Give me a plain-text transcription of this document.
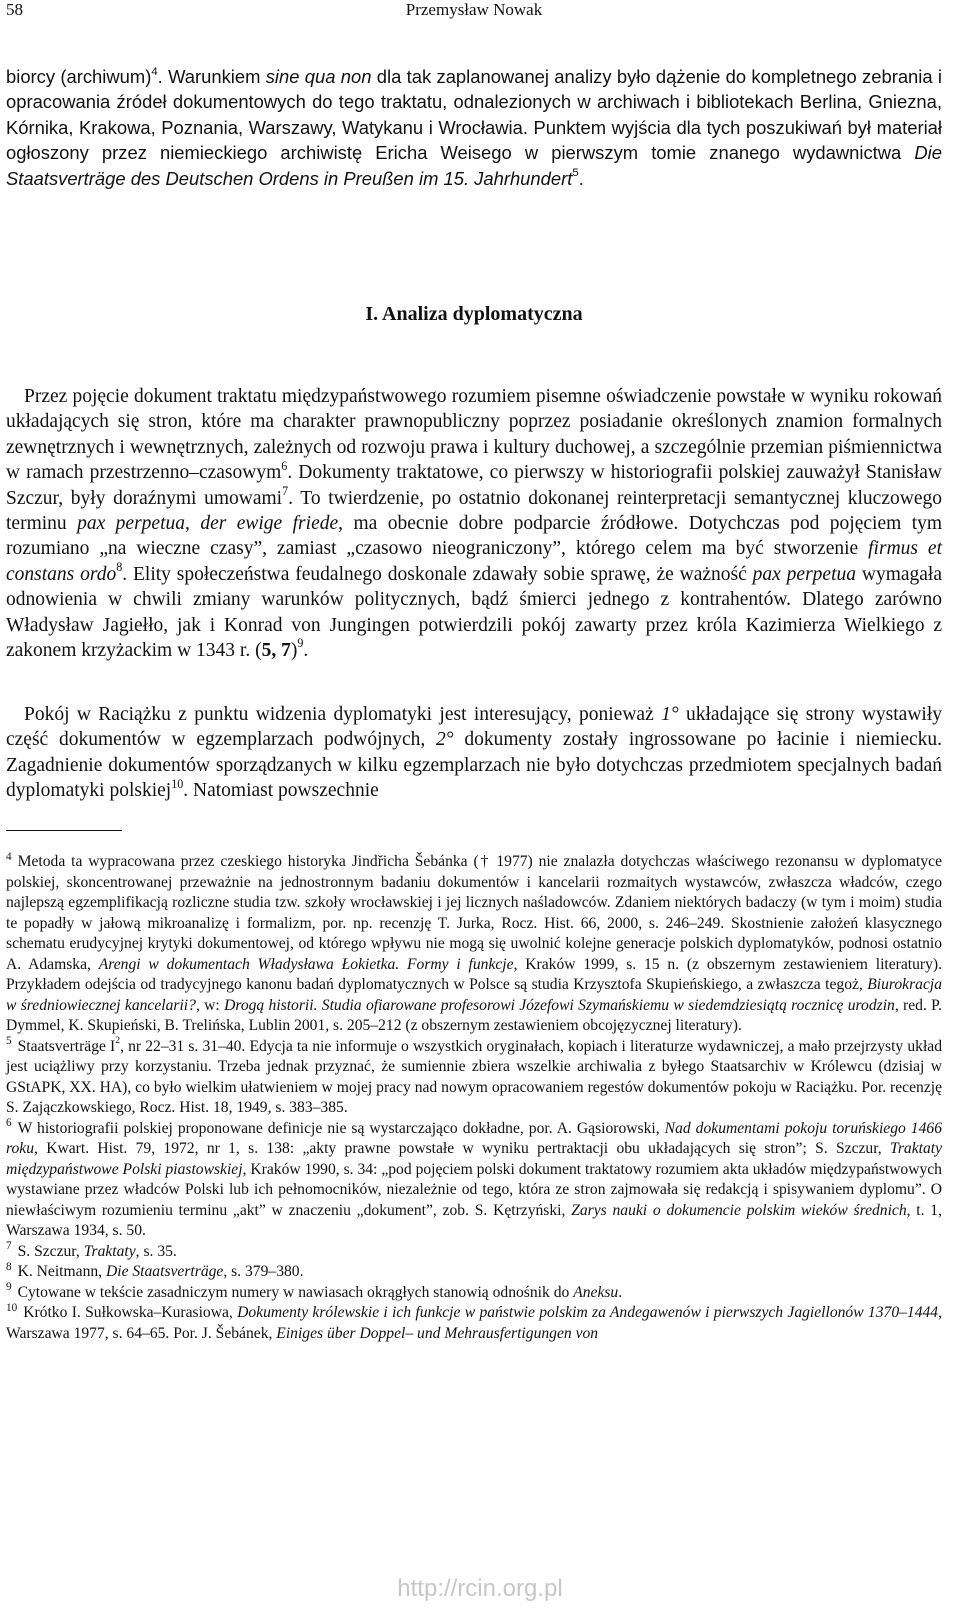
58	Przemysław Nowak

biorcy (archiwum)$^4$. Warunkiem sine qua non dla tak zaplanowanej analizy było dążenie do kompletnego zebrania i opracowania źródeł dokumentowych do tego traktatu, odnalezionych w archiwach i bibliotekach Berlina, Gniezna, Kórnika, Krakowa, Poznania, Warszawy, Watykanu i Wrocławia. Punktem wyjścia dla tych poszukiwań był materiał ogłoszony przez niemieckiego archiwistę Ericha Weisego w pierwszym tomie znanego wydawnictwa Die Staatsverträge des Deutschen Ordens in Preußen im 15. Jahrhundert$^5$.

I. Analiza dyplomatyczna

Przez pojęcie dokument traktatu międzypaństwowego rozumiem pisemne oświadczenie powstałe w wyniku rokowań układających się stron, które ma charakter prawnopubliczny poprzez posiadanie określonych znamion formalnych zewnętrznych i wewnętrznych, zależnych od rozwoju prawa i kultury duchowej, a szczególnie przemian piśmiennictwa w ramach przestrzenno–czasowym$^6$. Dokumenty traktatowe, co pierwszy w historiografii polskiej zauważył Stanisław Szczur, były doraźnymi umowami$^7$. To twierdzenie, po ostatnio dokonanej reinterpretacji semantycznej kluczowego terminu pax perpetua, der ewige friede, ma obecnie dobre podparcie źródłowe. Dotychczas pod pojęciem tym rozumiano „na wieczne czasy”, zamiast „czasowo nieograniczony”, którego celem ma być stworzenie firmus et constans ordo$^8$. Elity społeczeństwa feudalnego doskonale zdawały sobie sprawę, że ważność pax perpetua wymagała odnowienia w chwili zmiany warunków politycznych, bądź śmierci jednego z kontrahentów. Dlatego zarówno Władysław Jagiełło, jak i Konrad von Jungingen potwierdzili pokój zawarty przez króla Kazimierza Wielkiego z zakonem krzyżackim w 1343 r. (5, 7)$^9$.

Pokój w Raciążku z punktu widzenia dyplomatyki jest interesujący, ponieważ 1° układające się strony wystawiły część dokumentów w egzemplarzach podwójnych, 2° dokumenty zostały ingrossowane po łacinie i niemiecku. Zagadnienie dokumentów sporządzanych w kilku egzemplarzach nie było dotychczas przedmiotem specjalnych badań dyplomatyki polskiej$^{10}$. Natomiast powszechnie

$^4$ Metoda ta wypracowana przez czeskiego historyka Jindřicha Šebánka († 1977) nie znalazła dotychczas właściwego rezonansu w dyplomatyce polskiej, skoncentrowanej przeważnie na jednostronnym badaniu dokumentów i kancelarii rozmaitych wystawców, zwłaszcza władców, czego najlepszą egzemplifikacją rozliczne studia tzw. szkoły wrocławskiej i jej licznych naśladowców. Zdaniem niektórych badaczy (w tym i moim) studia te popadły w jałową mikroanalizę i formalizm, por. np. recenzję T. Jurka, Rocz. Hist. 66, 2000, s. 246–249. Skostnienie założeń klasycznego schematu erudycyjnej krytyki dokumentowej, od którego wpływu nie mogą się uwolnić kolejne generacje polskich dyplomatyków, podnosi ostatnio A. Adamska, Arengi w dokumentach Władysława Łokietka. Formy i funkcje, Kraków 1999, s. 15 n. (z obszernym zestawieniem literatury). Przykładem odejścia od tradycyjnego kanonu badań dyplomatycznych w Polsce są studia Krzysztofa Skupieńskiego, a zwłaszcza tegoż, Biurokracja w średniowiecznej kancelarii?, w: Drogą historii. Studia ofiarowane profesorowi Józefowi Szymańskiemu w siedemdziesiątą rocznicę urodzin, red. P. Dymmel, K. Skupieński, B. Trelińska, Lublin 2001, s. 205–212 (z obszernym zestawieniem obcojęzycznej literatury).

$^5$ Staatsverträge $I^2$, nr 22–31 s. 31–40. Edycja ta nie informuje o wszystkich oryginałach, kopiach i literaturze wydawniczej, a mało przejrzysty układ jest uciążliwy przy korzystaniu. Trzeba jednak przyznać, że sumiennie zbiera wszelkie archiwalia z byłego Staatsarchiv w Królewcu (dzisiaj w GStAPK, XX. HA), co było wielkim ułatwieniem w mojej pracy nad nowym opracowaniem regestów dokumentów pokoju w Raciążku. Por. recenzję S. Zajączkowskiego, Rocz. Hist. 18, 1949, s. 383–385.

$^6$ W historiografii polskiej proponowane definicje nie są wystarczająco dokładne, por. A. Gąsiorowski, Nad dokumentami pokoju toruńskiego 1466 roku, Kwart. Hist. 79, 1972, nr 1, s. 138: „akty prawne powstałe w wyniku pertraktacji obu układających się stron”; S. Szczur, Traktaty międzypaństwowe Polski piastowskiej, Kraków 1990, s. 34: „pod pojęciem polski dokument traktatowy rozumiem akta układów międzypaństwowych wystawiane przez władców Polski lub ich pełnomocników, niezależnie od tego, która ze stron zajmowała się redakcją i spisywaniem dyplomu”. O niewłaściwym rozumieniu terminu „akt” w znaczeniu „dokument”, zob. S. Kętrzyński, Zarys nauki o dokumencie polskim wieków średnich, t. 1, Warszawa 1934, s. 50.

$^7$ S. Szczur, Traktaty, s. 35.

$^8$ K. Neitmann, Die Staatsverträge, s. 379–380.

$^9$ Cytowane w tekście zasadniczym numery w nawiasach okrągłych stanowią odnośnik do Aneksu.

$^{10}$ Krótko I. Sułkowska–Kurasiowa, Dokumenty królewskie i ich funkcje w państwie polskim za Andegawenów i pierwszych Jagiellonów 1370–1444, Warszawa 1977, s. 64–65. Por. J. Šebánek, Einiges über Doppel– und Mehrausfertigungen von

http://rcin.org.pl
